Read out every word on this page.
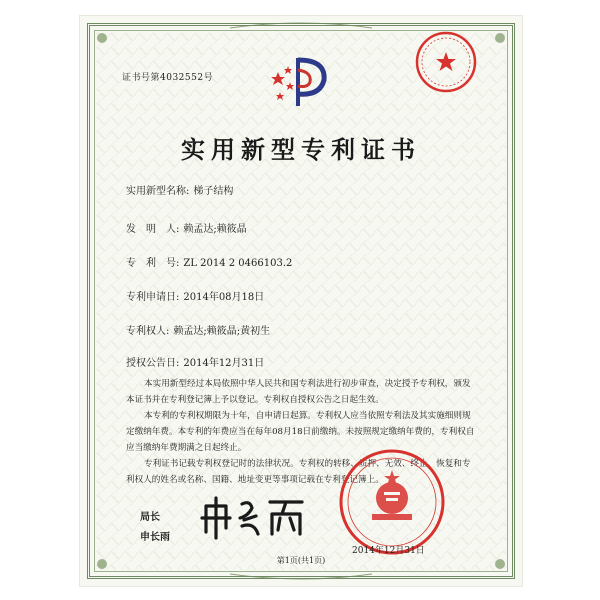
证书号第4032552号
实用新型专利证书
实用新型名称: 梯子结构
发　明　人: 赖孟达;赖筱晶
专　利　号: ZL 2014 2 0466103.2
专利申请日: 2014年08月18日
专利权人: 赖孟达;赖筱晶;黄初生
授权公告日: 2014年12月31日
本实用新型经过本局依照中华人民共和国专利法进行初步审查，决定授予专利权，颁发本证书并在专利登记簿上予以登记。专利权自授权公告之日起生效。
本专利的专利权期限为十年，自申请日起算。专利权人应当依照专利法及其实施细则规定缴纳年费。本专利的年费应当在每年08月18日前缴纳。未按照规定缴纳年费的，专利权自应当缴纳年费期满之日起终止。
专利证书记载专利权登记时的法律状况。专利权的转移、质押、无效、终止、恢复和专利权人的姓名或名称、国籍、地址变更等事项记载在专利登记簿上。
局长
申长雨
2014年12月31日
第1页(共1页)
